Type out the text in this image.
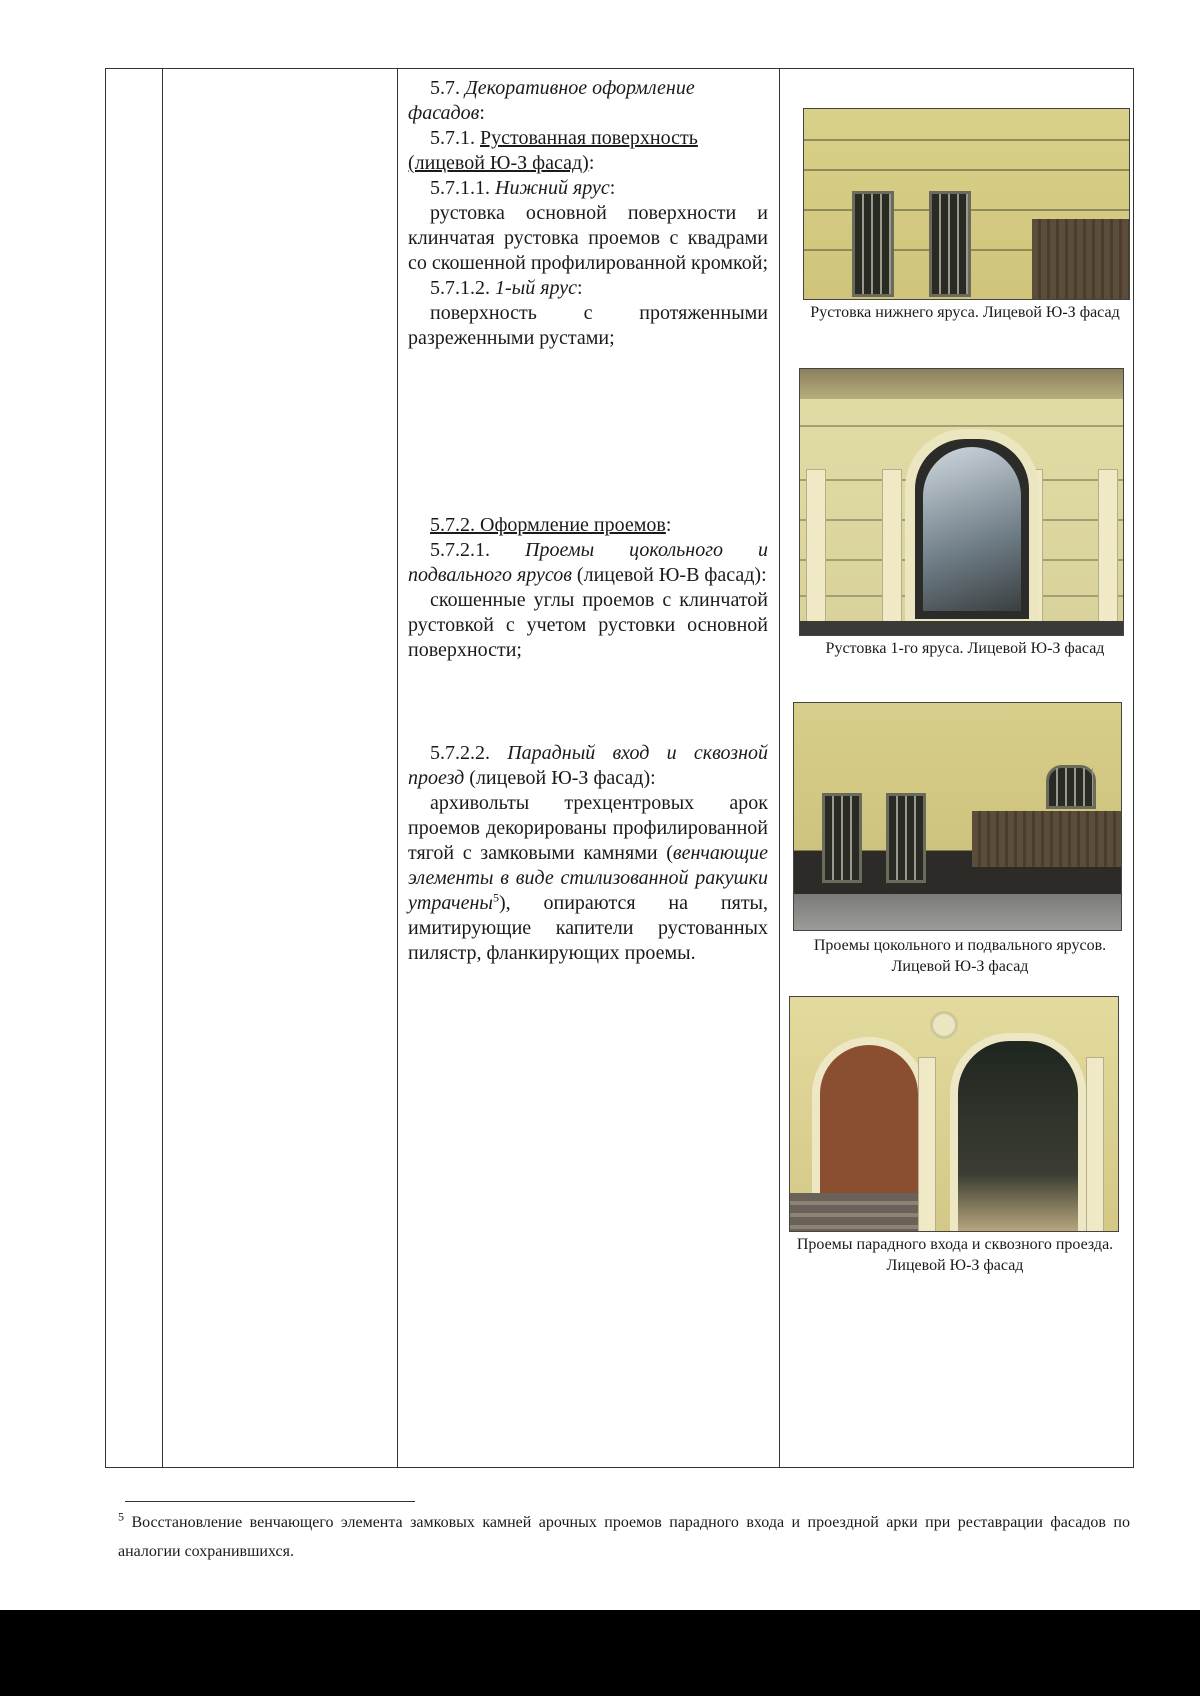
5.7. Декоративное оформление фасадов:

5.7.1. Рустованная поверхность (лицевой Ю-З фасад):

5.7.1.1. Нижний ярус:

рустовка основной поверхности и клинчатая рустовка проемов с квадрами со скошенной профилированной кромкой;

5.7.1.2. 1-ый ярус:

поверхность с протяженными разреженными рустами;

5.7.2. Оформление проемов:

5.7.2.1. Проемы цокольного и подвального ярусов (лицевой Ю-В фасад):

скошенные углы проемов с клинчатой рустовкой с учетом рустовки основной поверхности;

5.7.2.2. Парадный вход и сквозной проезд (лицевой Ю-З фасад):

архивольты трехцентровых арок проемов декорированы профилированной тягой с замковыми камнями (венчающие элементы в виде стилизованной ракушки утрачены$^5$), опираются на пяты, имитирующие капители рустованных пилястр, фланкирующих проемы.

Рустовка нижнего яруса. Лицевой Ю-З фасад
Рустовка 1-го яруса. Лицевой Ю-З фасад
Проемы цокольного и подвального ярусов. Лицевой Ю-З фасад
Проемы парадного входа и сквозного проезда. Лицевой Ю-З фасад
$^5$ Восстановление венчающего элемента замковых камней арочных проемов парадного входа и проездной арки при реставрации фасадов по аналогии сохранившихся.
